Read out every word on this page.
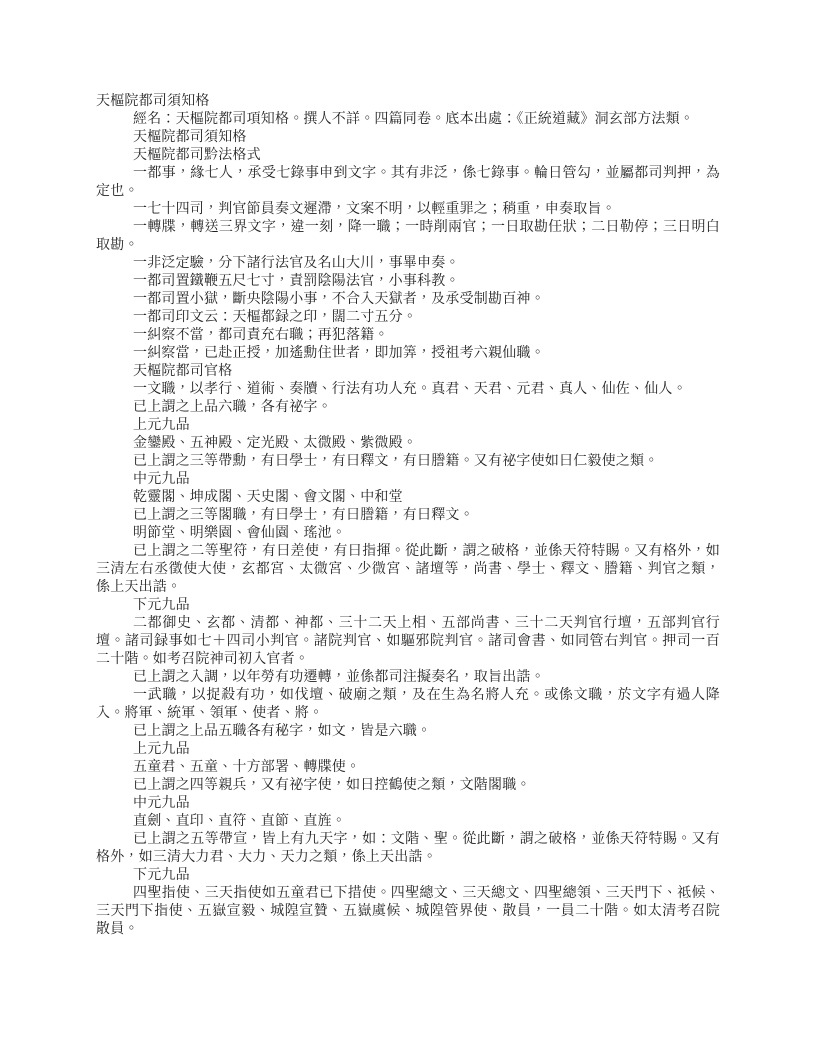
天樞院都司須知格

經名：天樞院都司項知格。撰人不詳。四篇同卷。底本出處：《正統道藏》洞玄部方法類。

天樞院都司須知格

天樞院都司黔法格式

一都事，緣七人，承受七錄事申到文字。其有非泛，係七錄事。輪日管勾，並屬都司判押，為定也。

一七十四司，判官節員奏文遲滯，文案不明，以輕重罪之；稍重，申奏取旨。

一轉牒，轉送三界文字，違一刻，降一職；一時削兩官；一日取勘任狀；二日勒停；三日明白取勘。

一非泛定驗，分下諸行法官及名山大川，事畢申奏。

一都司置鐵鞭五尺七寸，責罰陰陽法官，小事科教。

一都司置小獄，斷央陰陽小事，不合入天獄者，及承受制勘百神。

一都司印文云：天樞都録之印，闊二寸五分。

一糾察不當，都司責充右職；再犯落籍。

一糾察當，已赴正授，加遙勳住世者，即加筭，授祖考六親仙職。

天樞院都司官格

一文職，以孝行、道術、奏牘、行法有功人充。真君、天君、元君、真人、仙佐、仙人。

已上謂之上品六職，各有祕字。

上元九品

金鑾殿、五神殿、定光殿、太微殿、紫微殿。

已上謂之三等帶勳，有曰學士，有曰釋文，有曰謄籍。又有祕字使如曰仁毅使之類。

中元九品

乾靈閣、坤成閣、天史閣、會文閣、中和堂

已上謂之三等閣職，有曰學士，有曰謄籍，有曰釋文。

明節堂、明樂園、會仙園、瑤池。

已上謂之二等聖符，有曰差使，有曰指揮。從此斷，謂之破格，並係天符特賜。又有格外，如三清左右丞徵使大使，玄都宮、太微宮、少微宮、諸壇等，尚書、學士、釋文、謄籍、判官之類，係上天出誥。

下元九品

二都御史、玄都、清都、神都、三十二天上相、五部尚書、三十二天判官行壇，五部判官行壇。諸司録事如七＋四司小判官。諸院判官、如驅邪院判官。諸司會書、如同管右判官。押司一百二十階。如考召院神司初入官者。

已上謂之入調，以年勞有功遷轉，並係都司注擬奏名，取旨出誥。

一武職，以捉殺有功，如伐壇、破廟之類，及在生為名將人充。或係文職，於文字有過人降入。將軍、統軍、領軍、使者、將。

已上謂之上品五職各有秘字，如文，皆是六職。

上元九品

五童君、五童、十方部署、轉牒使。

已上謂之四等親兵，又有祕字使，如日控鶴使之類，文階閣職。

中元九品

直劍、直印、直符、直節、直旌。

已上謂之五等帶宣，皆上有九天字，如：文階、聖。從此斷，謂之破格，並係天符特賜。又有格外，如三清大力君、大力、天力之類，係上天出誥。

下元九品

四聖指使、三天指使如五童君已下措使。四聖總文、三天總文、四聖總領、三天門下、祗候、三天門下指使、五嶽宣毅、城隍宣贊、五嶽虞候、城隍管界使、散員，一員二十階。如太清考召院散員。
